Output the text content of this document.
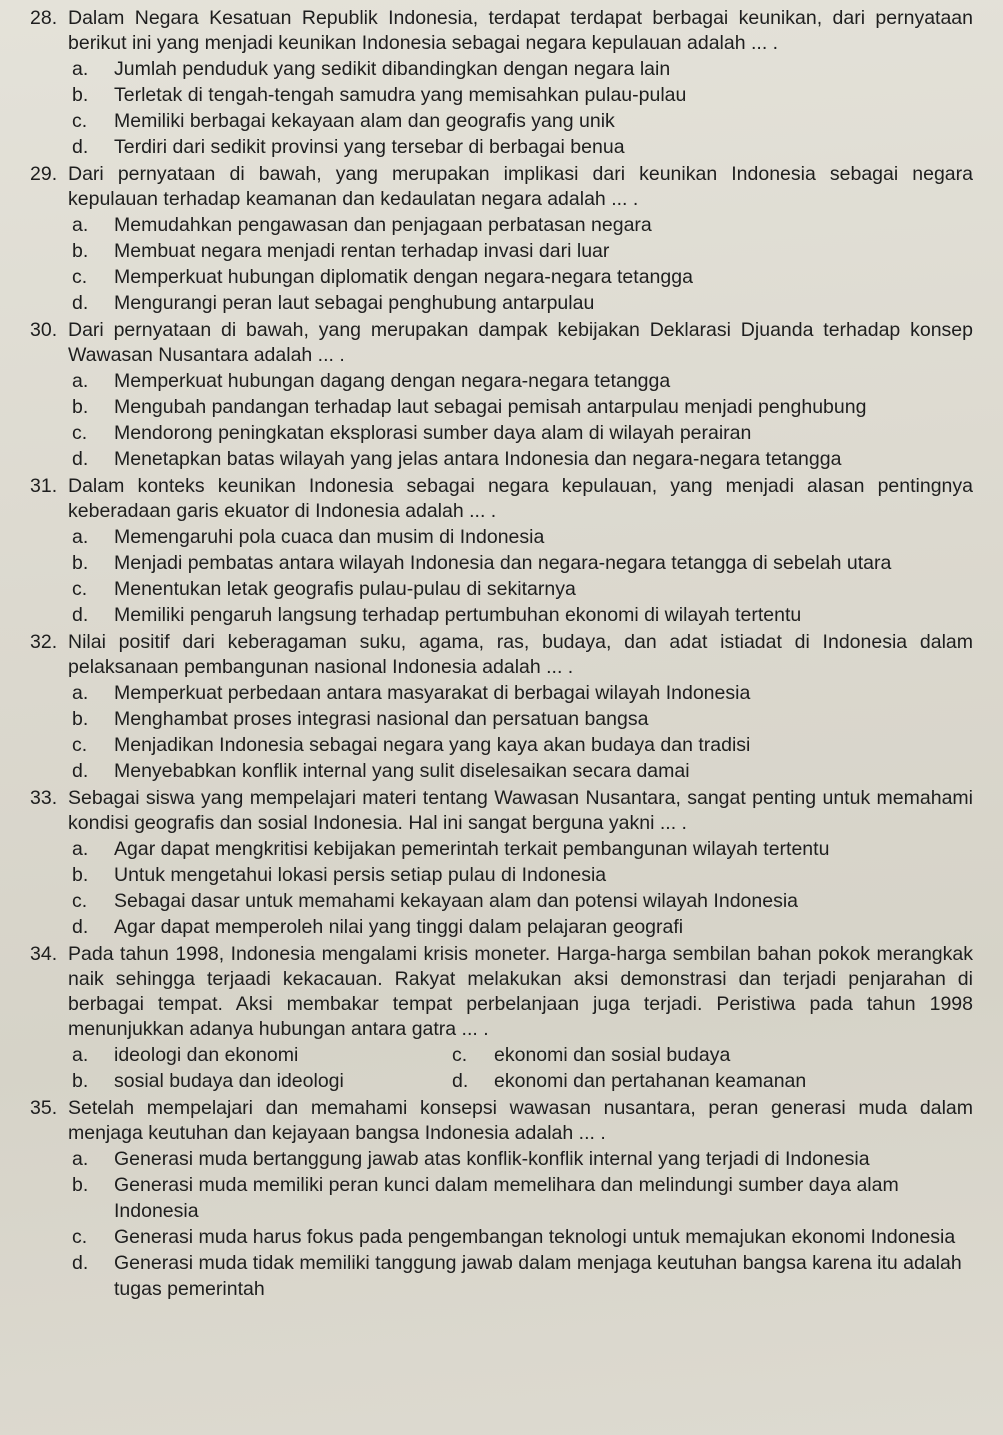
28. Dalam Negara Kesatuan Republik Indonesia, terdapat terdapat berbagai keunikan, dari pernyataan berikut ini yang menjadi keunikan Indonesia sebagai negara kepulauan adalah ... .
a.	Jumlah penduduk yang sedikit dibandingkan dengan negara lain
b.	Terletak di tengah-tengah samudra yang memisahkan pulau-pulau
c.	Memiliki berbagai kekayaan alam dan geografis yang unik
d.	Terdiri dari sedikit provinsi yang tersebar di berbagai benua
29. Dari pernyataan di bawah, yang merupakan implikasi dari keunikan Indonesia sebagai negara kepulauan terhadap keamanan dan kedaulatan negara adalah ... .
a.	Memudahkan pengawasan dan penjagaan perbatasan negara
b.	Membuat negara menjadi rentan terhadap invasi dari luar
c.	Memperkuat hubungan diplomatik dengan negara-negara tetangga
d.	Mengurangi peran laut sebagai penghubung antarpulau
30. Dari pernyataan di bawah, yang merupakan dampak kebijakan Deklarasi Djuanda terhadap konsep Wawasan Nusantara adalah ... .
a.	Memperkuat hubungan dagang dengan negara-negara tetangga
b.	Mengubah pandangan terhadap laut sebagai pemisah antarpulau menjadi penghubung
c.	Mendorong peningkatan eksplorasi sumber daya alam di wilayah perairan
d.	Menetapkan batas wilayah yang jelas antara Indonesia dan negara-negara tetangga
31. Dalam konteks keunikan Indonesia sebagai negara kepulauan, yang menjadi alasan pentingnya keberadaan garis ekuator di Indonesia adalah ... .
a.	Memengaruhi pola cuaca dan musim di Indonesia
b.	Menjadi pembatas antara wilayah Indonesia dan negara-negara tetangga di sebelah utara
c.	Menentukan letak geografis pulau-pulau di sekitarnya
d.	Memiliki pengaruh langsung terhadap pertumbuhan ekonomi di wilayah tertentu
32. Nilai positif dari keberagaman suku, agama, ras, budaya, dan adat istiadat di Indonesia dalam pelaksanaan pembangunan nasional Indonesia adalah ... .
a.	Memperkuat perbedaan antara masyarakat di berbagai wilayah Indonesia
b.	Menghambat proses integrasi nasional dan persatuan bangsa
c.	Menjadikan Indonesia sebagai negara yang kaya akan budaya dan tradisi
d.	Menyebabkan konflik internal yang sulit diselesaikan secara damai
33. Sebagai siswa yang mempelajari materi tentang Wawasan Nusantara, sangat penting untuk memahami kondisi geografis dan sosial Indonesia. Hal ini sangat berguna yakni ... .
a.	Agar dapat mengkritisi kebijakan pemerintah terkait pembangunan wilayah tertentu
b.	Untuk mengetahui lokasi persis setiap pulau di Indonesia
c.	Sebagai dasar untuk memahami kekayaan alam dan potensi wilayah Indonesia
d.	Agar dapat memperoleh nilai yang tinggi dalam pelajaran geografi
34. Pada tahun 1998, Indonesia mengalami krisis moneter. Harga-harga sembilan bahan pokok merangkak naik sehingga terjaadi kekacauan. Rakyat melakukan aksi demonstrasi dan terjadi penjarahan di berbagai tempat. Aksi membakar tempat perbelanjaan juga terjadi. Peristiwa pada tahun 1998 menunjukkan adanya hubungan antara gatra ... .
a.	ideologi dan ekonomi	c.	ekonomi dan sosial budaya
b.	sosial budaya dan ideologi	d.	ekonomi dan pertahanan keamanan
35. Setelah mempelajari dan memahami konsepsi wawasan nusantara, peran generasi muda dalam menjaga keutuhan dan kejayaan bangsa Indonesia adalah ... .
a.	Generasi muda bertanggung jawab atas konflik-konflik internal yang terjadi di Indonesia
b.	Generasi muda memiliki peran kunci dalam memelihara dan melindungi sumber daya alam Indonesia
c.	Generasi muda harus fokus pada pengembangan teknologi untuk memajukan ekonomi Indonesia
d.	Generasi muda tidak memiliki tanggung jawab dalam menjaga keutuhan bangsa karena itu adalah tugas pemerintah
